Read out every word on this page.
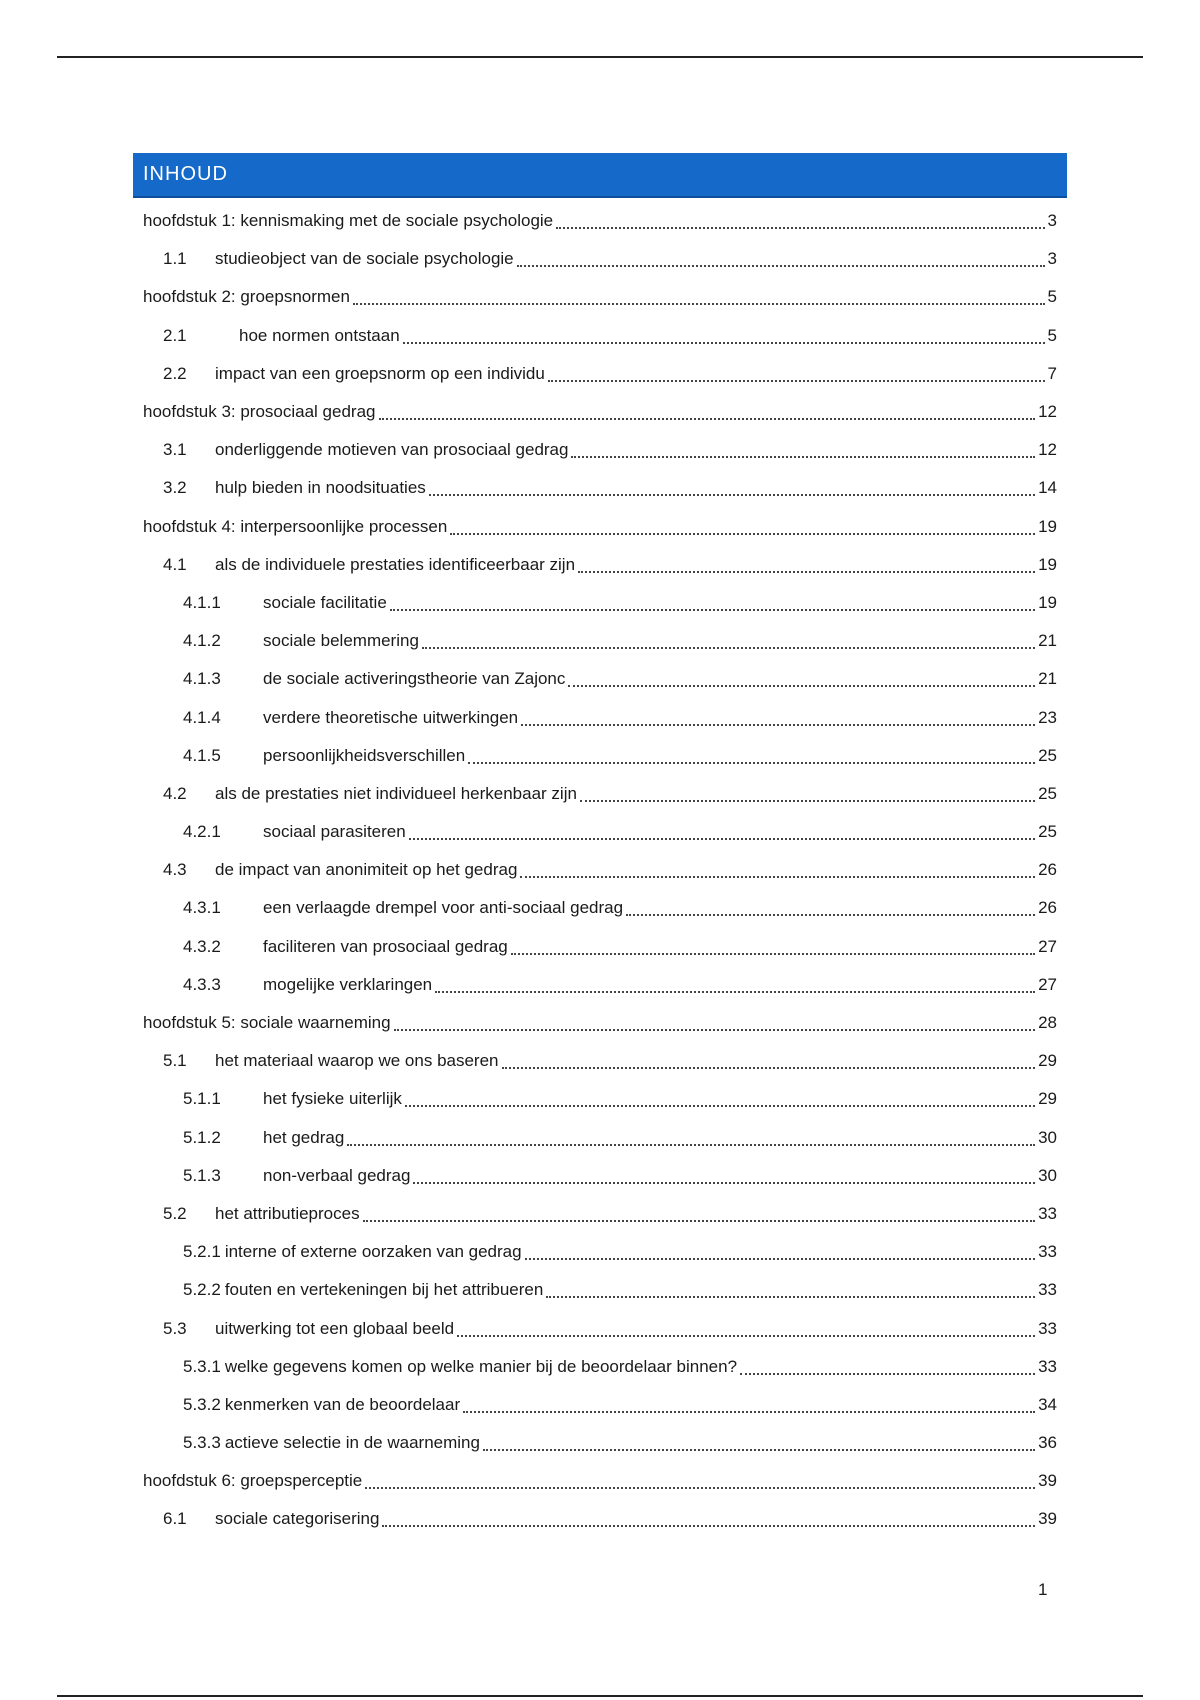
INHOUD
hoofdstuk 1: kennismaking met de sociale psychologie	3
1.1	studieobject van de sociale psychologie	3
hoofdstuk 2: groepsnormen	5
2.1	hoe normen ontstaan	5
2.2	impact van een groepsnorm op een individu	7
hoofdstuk 3: prosociaal gedrag	12
3.1	onderliggende motieven van prosociaal gedrag	12
3.2	hulp bieden in noodsituaties	14
hoofdstuk 4: interpersoonlijke processen	19
4.1	als de individuele prestaties identificeerbaar zijn	19
4.1.1	sociale facilitatie	19
4.1.2	sociale belemmering	21
4.1.3	de sociale activeringstheorie van Zajonc	21
4.1.4	verdere theoretische uitwerkingen	23
4.1.5	persoonlijkheidsverschillen	25
4.2	als de prestaties niet individueel herkenbaar zijn	25
4.2.1	sociaal parasiteren	25
4.3	de impact van anonimiteit op het gedrag	26
4.3.1	een verlaagde drempel voor anti-sociaal gedrag	26
4.3.2	faciliteren van prosociaal gedrag	27
4.3.3	mogelijke verklaringen	27
hoofdstuk 5: sociale waarneming	28
5.1	het materiaal waarop we ons baseren	29
5.1.1	het fysieke uiterlijk	29
5.1.2	het gedrag	30
5.1.3	non-verbaal gedrag	30
5.2	het attributieproces	33
5.2.1 interne of externe oorzaken van gedrag	33
5.2.2 fouten en vertekeningen bij het attribueren	33
5.3	uitwerking tot een globaal beeld	33
5.3.1 welke gegevens komen op welke manier bij de beoordelaar binnen?	33
5.3.2 kenmerken van de beoordelaar	34
5.3.3 actieve selectie in de waarneming	36
hoofdstuk 6: groepsperceptie	39
6.1	sociale categorisering	39
1
